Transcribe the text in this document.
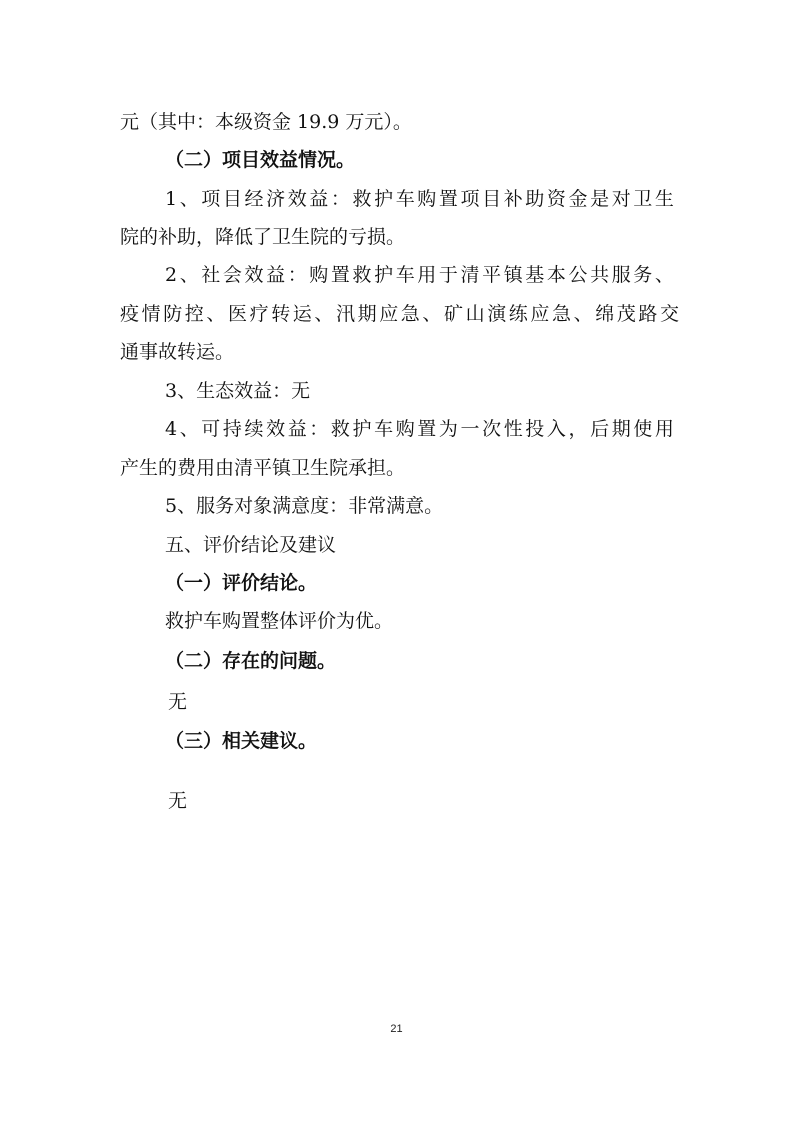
元（其中：本级资金 19.9 万元）。
（二）项目效益情况。
1、项目经济效益：救护车购置项目补助资金是对卫生
院的补助，降低了卫生院的亏损。
2、社会效益：购置救护车用于清平镇基本公共服务、
疫情防控、医疗转运、汛期应急、矿山演练应急、绵茂路交
通事故转运。
3、生态效益：无
4、可持续效益：救护车购置为一次性投入，后期使用
产生的费用由清平镇卫生院承担。
5、服务对象满意度：非常满意。
五、评价结论及建议
（一）评价结论。
救护车购置整体评价为优。
（二）存在的问题。
无
（三）相关建议。
无
21
